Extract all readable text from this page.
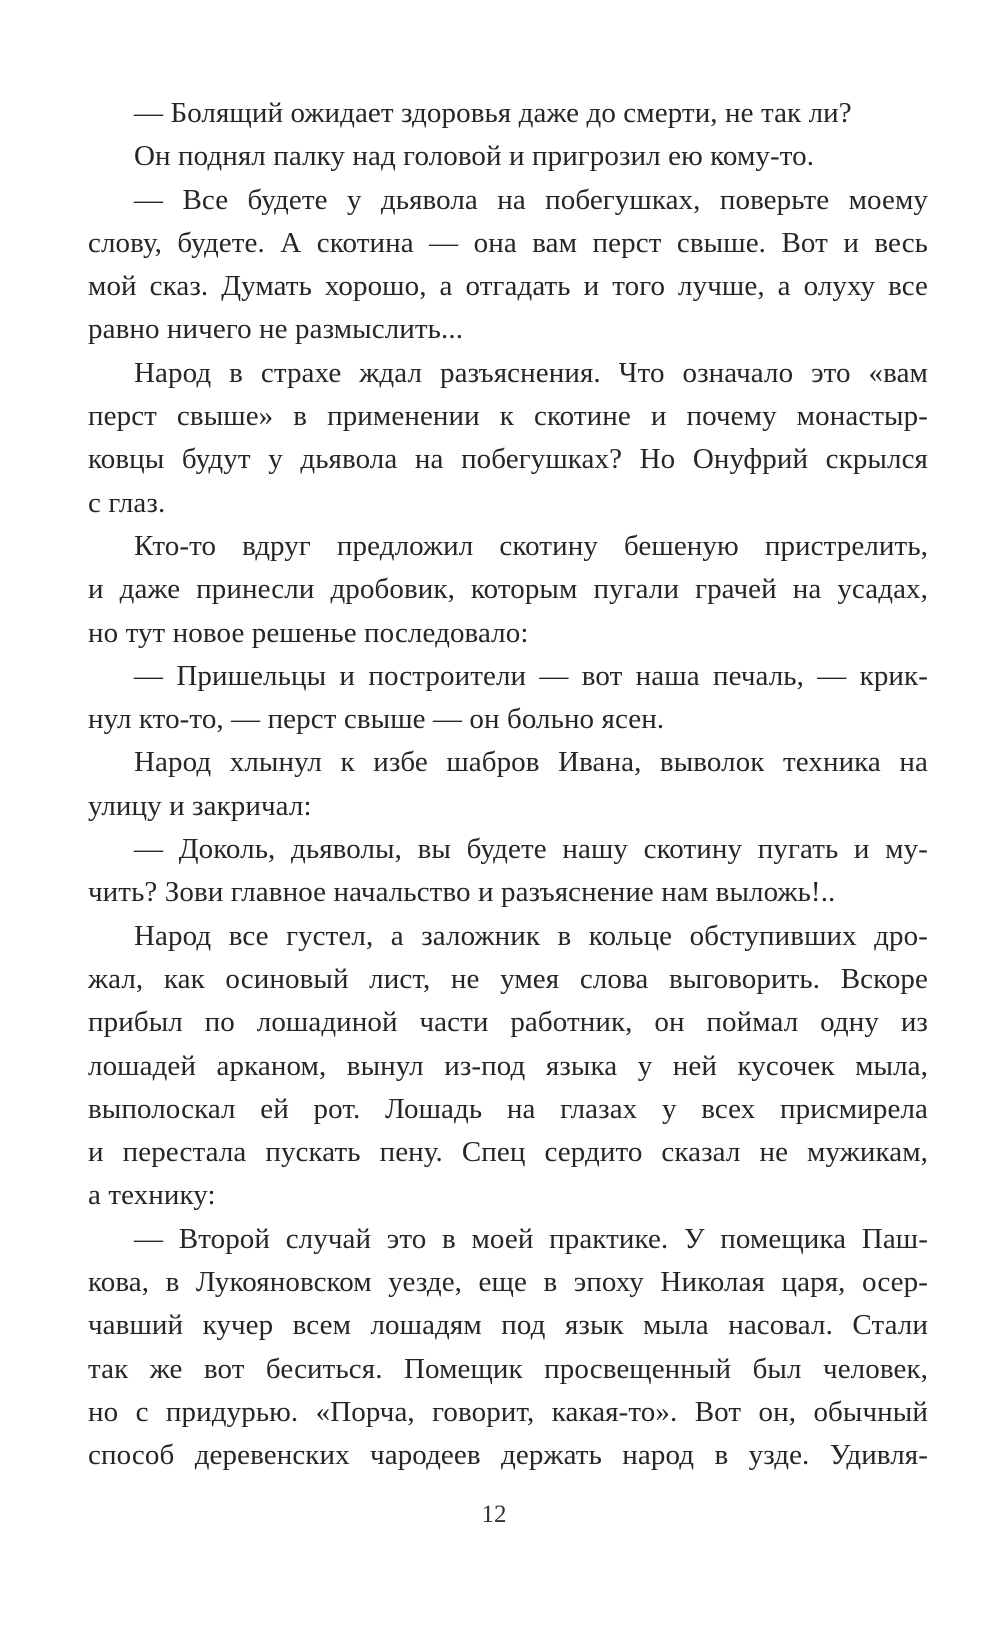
— Болящий ожидает здоровья даже до смерти, не так ли?
Он поднял палку над головой и пригрозил ею кому-то.
— Все будете у дьявола на побегушках, поверьте моему
слову, будете. А скотина — она вам перст свыше. Вот и весь
мой сказ. Думать хорошо, а отгадать и того лучше, а олуху все
равно ничего не размыслить...
Народ в страхе ждал разъяснения. Что означало это «вам
перст свыше» в применении к скотине и почему монастыр-
ковцы будут у дьявола на побегушках? Но Онуфрий скрылся
с глаз.
Кто-то вдруг предложил скотину бешеную пристрелить,
и даже принесли дробовик, которым пугали грачей на усадах,
но тут новое решенье последовало:
— Пришельцы и построители — вот наша печаль, — крик-
нул кто-то, — перст свыше — он больно ясен.
Народ хлынул к избе шабров Ивана, выволок техника на
улицу и закричал:
— Доколь, дьяволы, вы будете нашу скотину пугать и му-
чить? Зови главное начальство и разъяснение нам выложь!..
Народ все густел, а заложник в кольце обступивших дро-
жал, как осиновый лист, не умея слова выговорить. Вскоре
прибыл по лошадиной части работник, он поймал одну из
лошадей арканом, вынул из-под языка у ней кусочек мыла,
выполоскал ей рот. Лошадь на глазах у всех присмирела
и перестала пускать пену. Спец сердито сказал не мужикам,
а технику:
— Второй случай это в моей практике. У помещика Паш-
кова, в Лукояновском уезде, еще в эпоху Николая царя, осер-
чавший кучер всем лошадям под язык мыла насовал. Стали
так же вот беситься. Помещик просвещенный был человек,
но с придурью. «Порча, говорит, какая-то». Вот он, обычный
способ деревенских чародеев держать народ в узде. Удивля-
12
